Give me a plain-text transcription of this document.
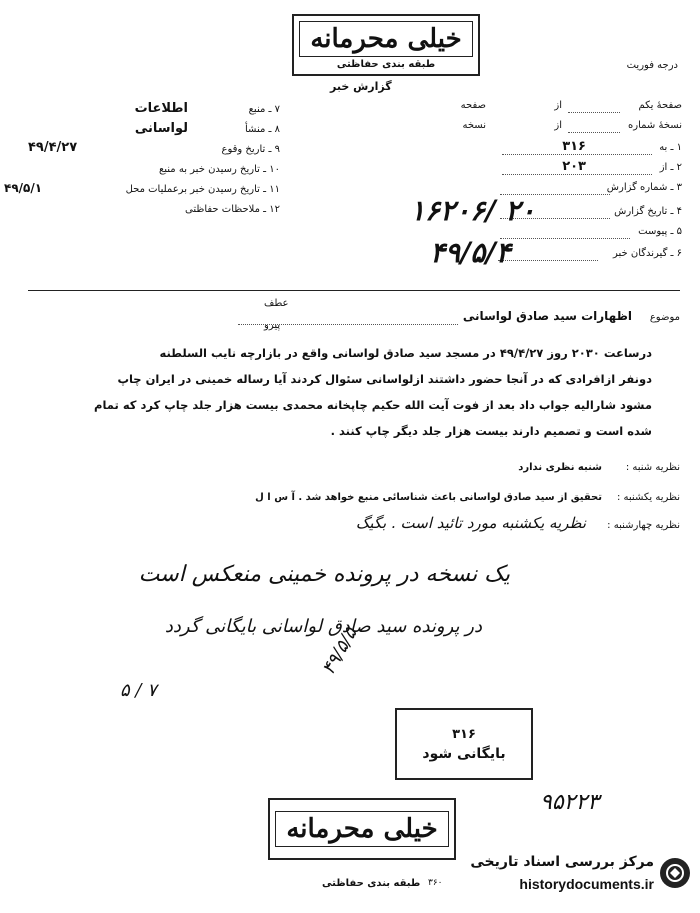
خیلی محرمانه
طبقه بندی حفاظتی	درجه فوریت
گزارش خبر
۷ ـ منبع
اطلاعات
۸ ـ منشأ
لواسانی
۹ ـ تاریخ وقوع
۴۹/۴/۲۷
۱۰ ـ تاریخ رسیدن خبر به منبع
۱۱ ـ تاریخ رسیدن خبر برعملیات محل
۴۹/۵/۱
۱۲ ـ ملاحظات حفاظتی
صفحهٔ یکم
از
صفحه
نسخهٔ شماره
از
نسخه
۱ ـ به
۳۱۶
۲ ـ از
۲۰۳
۳ ـ شماره گزارش
۴ ـ تاریخ گزارش
۵ ـ پیوست
۶ ـ گیرندگان خبر
۱۶۲۰۶/ ۲۰
۴۹/۵/۴
موضوع
اظهارات سید صادق لواسانی
عطف
پیرو
درساعت ۲۰۳۰ روز ۴۹/۴/۲۷ در مسجد سید صادق لواسانی واقع در بازارچه نایب السلطنه
دونفر ازافرادی که در آنجا حضور داشتند ازلواسانی سئوال کردند آیا رساله خمینی در ایران چاپ
مشود شارالیه جواب داد بعد از فوت آیت الله حکیم چاپخانه محمدی بیست هزار جلد چاپ کرد که تمام
شده است و تصمیم دارند بیست هزار جلد دیگر چاپ کنند .
نظریه شنبه :
شنبه نظری ندارد
نظریه یکشنبه :
تحقیق از سید صادق لواسانی باعث شناسائی منبع خواهد شد . آ س ا ل
نظریه چهارشنبه :
نظریه یکشنبه مورد تائید است . بگیگ
یک نسخه در پرونده خمینی منعکس است
در پرونده سید صادق لواسانی بایگانی گردد
۵ / ۷
۴۹/۵/۵
۳۱۶
بایگانی شود
۹۵۲۲۳
خیلی محرمانه
طبقه بندی حفاظتی
مرکز بررسی اسناد تاریخی
historydocuments.ir
۳۶۰
